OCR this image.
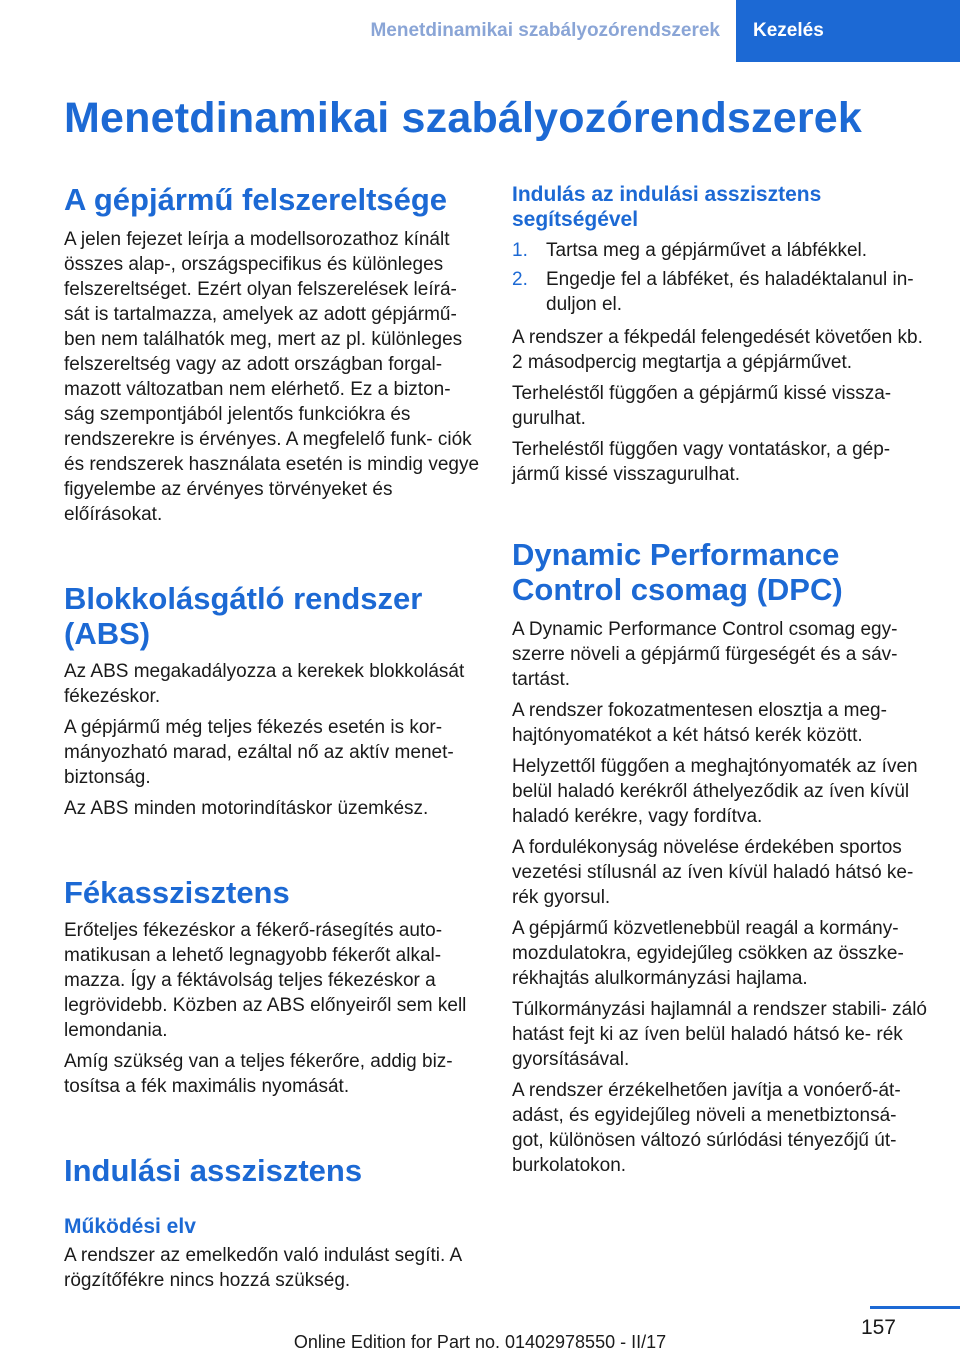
Menetdinamikai szabályozórendszerek	Kezelés
Menetdinamikai szabályozórendszerek
A gépjármű felszereltsége

A jelen fejezet leírja a modellsorozathoz kínált összes alap-, országspecifikus és különleges felszereltséget. Ezért olyan felszerelések leírá- sát is tartalmazza, amelyek az adott gépjármű- ben nem találhatók meg, mert az pl. különleges felszereltség vagy az adott országban forgal- mazott változatban nem elérhető. Ez a bizton- ság szempontjából jelentős funkciókra és rendszerekre is érvényes. A megfelelő funk- ciók és rendszerek használata esetén is mindig vegye figyelembe az érvényes törvényeket és előírásokat.

Blokkolásgátló rendszer (ABS)

Az ABS megakadályozza a kerekek blokkolását fékezéskor.

A gépjármű még teljes fékezés esetén is kor- mányozható marad, ezáltal nő az aktív menet- biztonság.

Az ABS minden motorindításkor üzemkész.

Fékasszisztens

Erőteljes fékezéskor a fékerő-rásegítés auto- matikusan a lehető legnagyobb fékerőt alkal- mazza. Így a féktávolság teljes fékezéskor a legrövidebb. Közben az ABS előnyeiről sem kell lemondania.

Amíg szükség van a teljes fékerőre, addig biz- tosítsa a fék maximális nyomását.

Indulási asszisztens
Működési elv

A rendszer az emelkedőn való indulást segíti. A rögzítőfékre nincs hozzá szükség.

Indulás az indulási asszisztens segítségével
1. Tartsa meg a gépjárművet a lábfékkel.
2. Engedje fel a lábféket, és haladéktalanul in- duljon el.

A rendszer a fékpedál felengedését követően kb. 2 másodpercig megtartja a gépjárművet.

Terheléstől függően a gépjármű kissé vissza- gurulhat.

Terheléstől függően vagy vontatáskor, a gép- jármű kissé visszagurulhat.

Dynamic Performance Control csomag (DPC)

A Dynamic Performance Control csomag egy- szerre növeli a gépjármű fürgeségét és a sáv- tartást.

A rendszer fokozatmentesen elosztja a meg- hajtónyomatékot a két hátsó kerék között.

Helyzettől függően a meghajtónyomaték az íven belül haladó kerékről áthelyeződik az íven kívül haladó kerékre, vagy fordítva.

A fordulékonyság növelése érdekében sportos vezetési stílusnál az íven kívül haladó hátsó ke- rék gyorsul.

A gépjármű közvetlenebbül reagál a kormány- mozdulatokra, egyidejűleg csökken az összke- rékhajtás alulkormányzási hajlama.

Túlkormányzási hajlamnál a rendszer stabili- záló hatást fejt ki az íven belül haladó hátsó ke- rék gyorsításával.

A rendszer érzékelhetően javítja a vonóerő-át- adást, és egyidejűleg növeli a menetbiztonsá- got, különösen változó súrlódási tényezőjű út- burkolatokon.

157
Online Edition for Part no. 01402978550 - II/17
